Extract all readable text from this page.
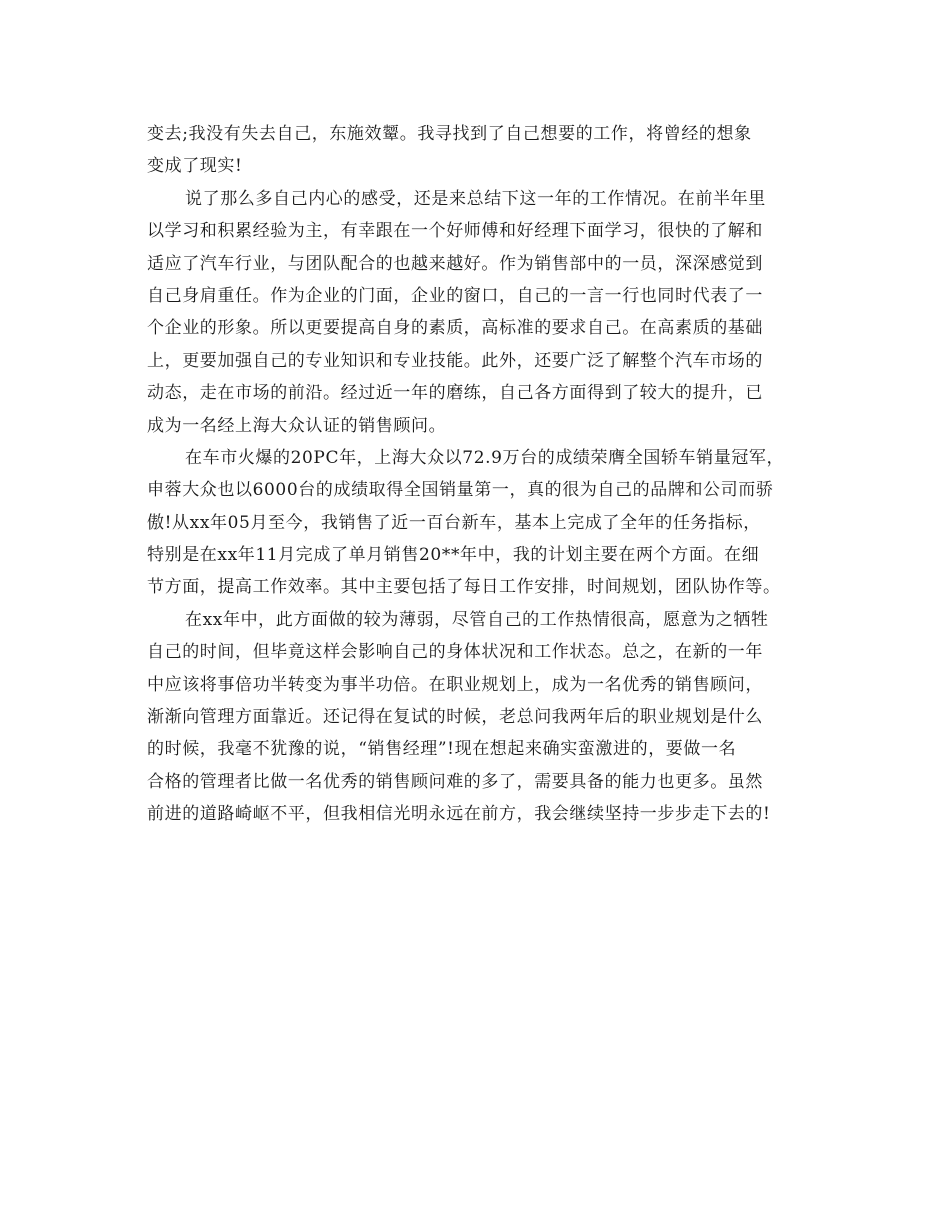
变去;我没有失去自己，东施效颦。我寻找到了自己想要的工作，将曾经的想象
变成了现实!
说了那么多自己内心的感受，还是来总结下这一年的工作情况。在前半年里
以学习和积累经验为主，有幸跟在一个好师傅和好经理下面学习，很快的了解和
适应了汽车行业，与团队配合的也越来越好。作为销售部中的一员，深深感觉到
自己身肩重任。作为企业的门面，企业的窗口，自己的一言一行也同时代表了一
个企业的形象。所以更要提高自身的素质，高标准的要求自己。在高素质的基础
上，更要加强自己的专业知识和专业技能。此外，还要广泛了解整个汽车市场的
动态，走在市场的前沿。经过近一年的磨练，自己各方面得到了较大的提升，已
成为一名经上海大众认证的销售顾问。
在车市火爆的20PC年，上海大众以72.9万台的成绩荣膺全国轿车销量冠军，
申蓉大众也以6000台的成绩取得全国销量第一，真的很为自己的品牌和公司而骄
傲!从xx年05月至今，我销售了近一百台新车，基本上完成了全年的任务指标，
特别是在xx年11月完成了单月销售20**年中，我的计划主要在两个方面。在细
节方面，提高工作效率。其中主要包括了每日工作安排，时间规划，团队协作等。
在xx年中，此方面做的较为薄弱，尽管自己的工作热情很高，愿意为之牺牲
自己的时间，但毕竟这样会影响自己的身体状况和工作状态。总之，在新的一年
中应该将事倍功半转变为事半功倍。在职业规划上，成为一名优秀的销售顾问，
渐渐向管理方面靠近。还记得在复试的时候，老总问我两年后的职业规划是什么
的时候，我毫不犹豫的说，“销售经理”!现在想起来确实蛮激进的，要做一名
合格的管理者比做一名优秀的销售顾问难的多了，需要具备的能力也更多。虽然
前进的道路崎岖不平，但我相信光明永远在前方，我会继续坚持一步步走下去的!
